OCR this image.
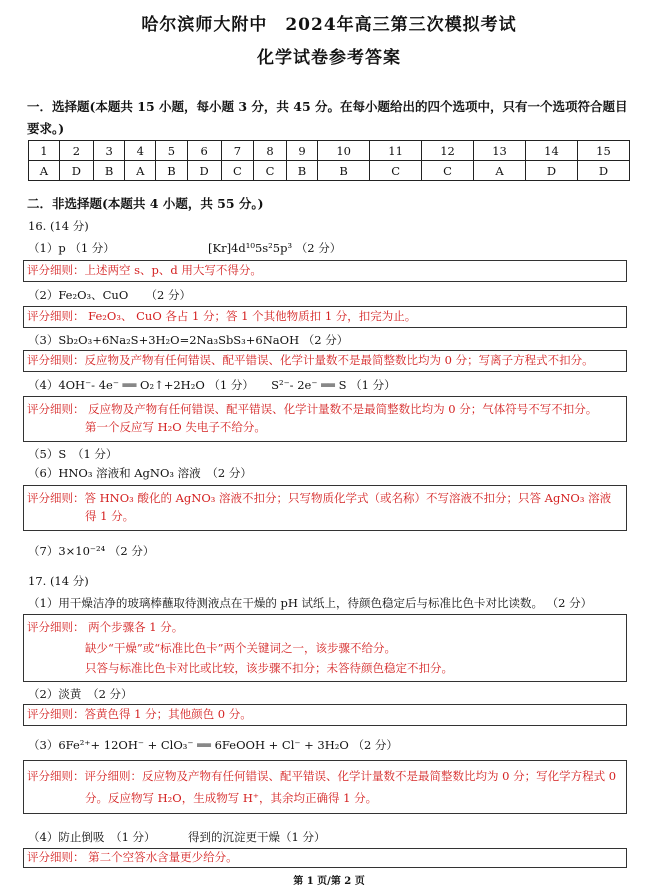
哈尔滨师大附中　2024年高三第三次模拟考试
化学试卷参考答案
一．选择题(本题共 15 小题，每小题 3 分，共 45 分。在每小题给出的四个选项中，只有一个选项符合题目要求。)
1	2	3	4	5	6	7	8	9	10	11	12	13	14	15
A	D	B	A	B	D	C	C	B	B	C	C	A	D	D
二．非选择题(本题共 4 小题，共 55 分。)
16. (14 分)
（1）p （1 分）	[Kr]4d¹⁰5s²5p³ （2 分）
评分细则：上述两空 s、p、d 用大写不得分。
（2）Fe₂O₃、CuO　　（2 分）
评分细则： Fe₂O₃、 CuO 各占 1 分；答 1 个其他物质扣 1 分，扣完为止。
（3）Sb₂O₃+6Na₂S+3H₂O=2Na₃SbS₃+6NaOH （2 分）
评分细则：反应物及产物有任何错误、配平错误、化学计量数不是最简整数比均为 0 分；写离子方程式不扣分。
（4）4OH⁻- 4e⁻ ══ O₂↑+2H₂O （1 分）　　S²⁻- 2e⁻ ══ S （1 分）
评分细则： 反应物及产物有任何错误、配平错误、化学计量数不是最简整数比均为 0 分；气体符号不写不扣分。
第一个反应写 H₂O 失电子不给分。
（5）S　（1 分）
（6）HNO₃ 溶液和 AgNO₃ 溶液　（2 分）
评分细则：答 HNO₃ 酸化的 AgNO₃ 溶液不扣分；只写物质化学式（或名称）不写溶液不扣分；只答 AgNO₃ 溶液
得 1 分。
（7）3×10⁻²⁴ （2 分）
17. (14 分)
（1）用干燥洁净的玻璃棒蘸取待测液点在干燥的 pH 试纸上，待颜色稳定后与标准比色卡对比读数。 （2 分）
评分细则： 两个步骤各 1 分。
缺少“干燥”或“标准比色卡”两个关键词之一，该步骤不给分。
只答与标准比色卡对比或比较，该步骤不扣分；未答待颜色稳定不扣分。
（2）淡黄　（2 分）
评分细则：答黄色得 1 分；其他颜色 0 分。
（3）6Fe²⁺+ 12OH⁻ + ClO₃⁻ ══ 6FeOOH + Cl⁻ + 3H₂O （2 分）
评分细则：评分细则：反应物及产物有任何错误、配平错误、化学计量数不是最简整数比均为 0 分；写化学方程式 0
分。反应物写 H₂O，生成物写 H⁺，其余均正确得 1 分。
（4）防止倒吸　（1 分）	得到的沉淀更干燥（1 分）
评分细则： 第二个空答水含量更少给分。
第 1 页/第 2 页
